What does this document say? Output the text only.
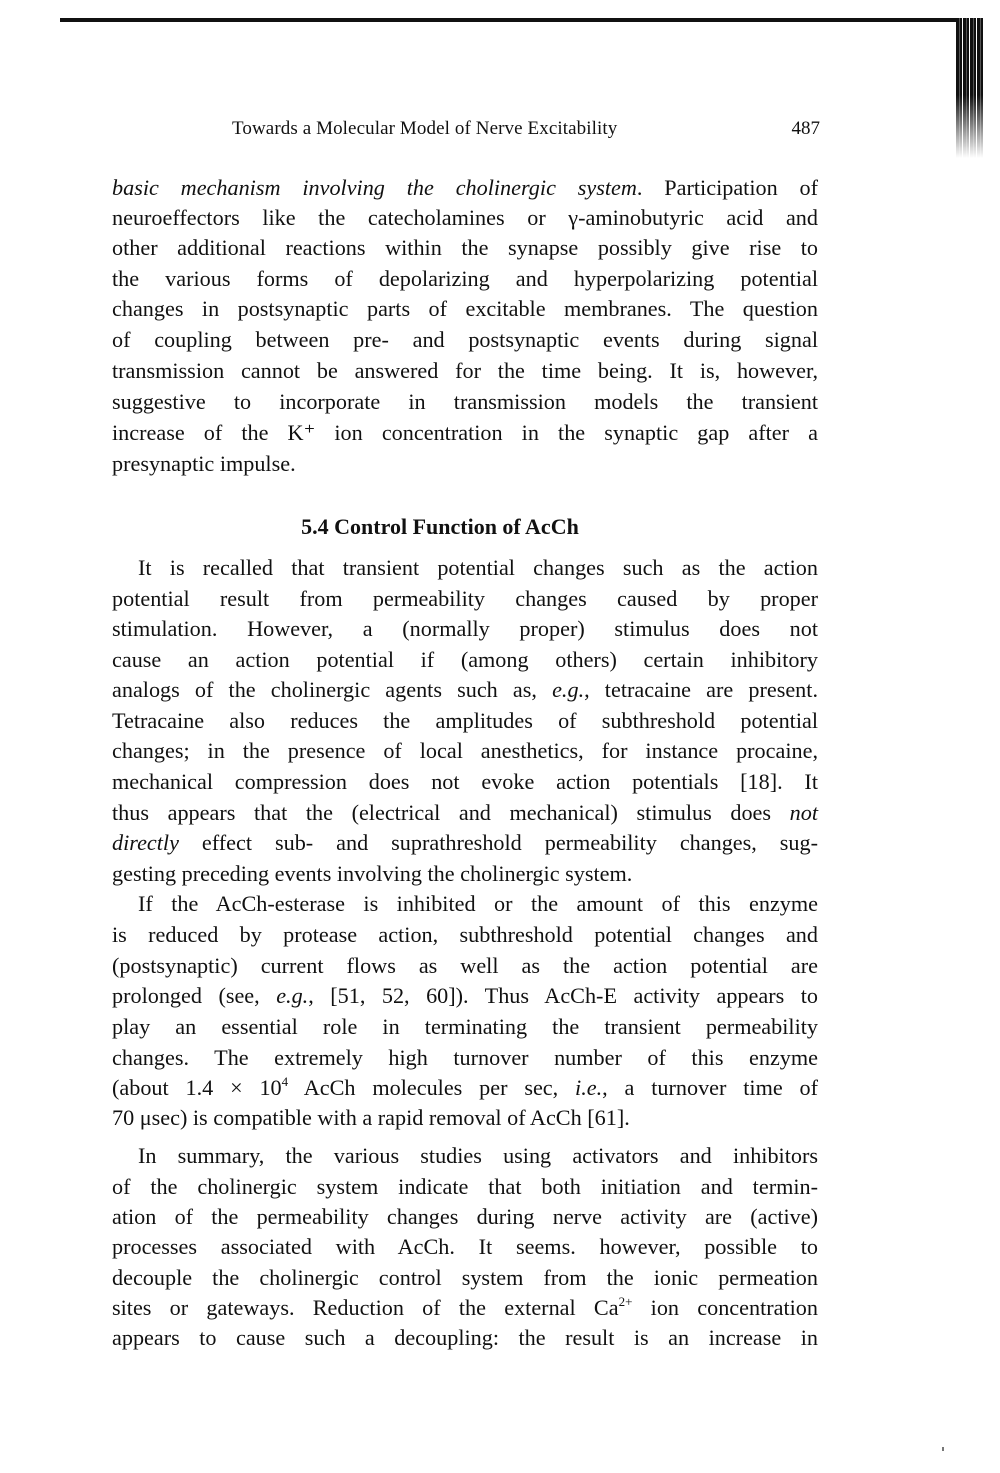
Towards a Molecular Model of Nerve Excitability	487
basic mechanism involving the cholinergic system. Participation of
neuroeffectors like the catecholamines or γ-aminobutyric acid and
other additional reactions within the synapse possibly give rise to
the various forms of depolarizing and hyperpolarizing potential
changes in postsynaptic parts of excitable membranes. The question
of coupling between pre- and postsynaptic events during signal
transmission cannot be answered for the time being. It is, however,
suggestive to incorporate in transmission models the transient
increase of the K⁺ ion concentration in the synaptic gap after a
presynaptic impulse.
5.4 Control Function of AcCh
It is recalled that transient potential changes such as the action
potential result from permeability changes caused by proper
stimulation. However, a (normally proper) stimulus does not
cause an action potential if (among others) certain inhibitory
analogs of the cholinergic agents such as, e.g., tetracaine are present.
Tetracaine also reduces the amplitudes of subthreshold potential
changes; in the presence of local anesthetics, for instance procaine,
mechanical compression does not evoke action potentials [18]. It
thus appears that the (electrical and mechanical) stimulus does not
directly effect sub- and suprathreshold permeability changes, sug-
gesting preceding events involving the cholinergic system.
If the AcCh-esterase is inhibited or the amount of this enzyme
is reduced by protease action, subthreshold potential changes and
(postsynaptic) current flows as well as the action potential are
prolonged (see, e.g., [51, 52, 60]). Thus AcCh-E activity appears to
play an essential role in terminating the transient permeability
changes. The extremely high turnover number of this enzyme
(about $1.4 \times 10^4$ AcCh molecules per sec, i.e., a turnover time of
70 μsec) is compatible with a rapid removal of AcCh [61].
In summary, the various studies using activators and inhibitors
of the cholinergic system indicate that both initiation and termin-
ation of the permeability changes during nerve activity are (active)
processes associated with AcCh. It seems. however, possible to
decouple the cholinergic control system from the ionic permeation
sites or gateways. Reduction of the external $Ca^{2+}$ ion concentration
appears to cause such a decoupling: the result is an increase in
